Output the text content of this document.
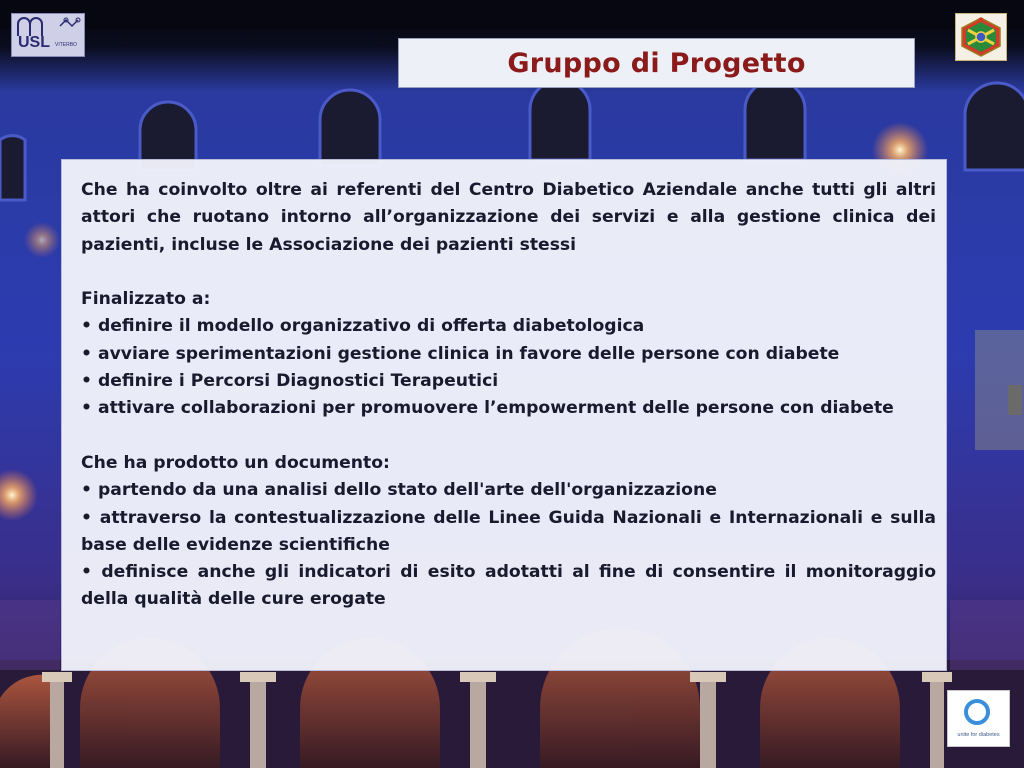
USL VITERBO
Gruppo di Progetto

Che ha coinvolto oltre ai referenti del Centro Diabetico Aziendale anche tutti gli altri attori che ruotano intorno all’organizzazione dei servizi e alla gestione clinica dei pazienti, incluse le Associazione dei pazienti stessi

Finalizzato a:

• definire il modello organizzativo di offerta diabetologica

• avviare sperimentazioni gestione clinica in favore delle persone con diabete

• definire i Percorsi Diagnostici Terapeutici

• attivare collaborazioni per promuovere l’empowerment delle persone con diabete

Che ha prodotto un documento:

• partendo da una analisi dello stato dell'arte dell'organizzazione

• attraverso la contestualizzazione delle Linee Guida Nazionali e Internazionali e sulla base delle evidenze scientifiche

• definisce anche gli indicatori di esito adotatti al fine di consentire il monitoraggio della qualità delle cure erogate

unite for diabetes
